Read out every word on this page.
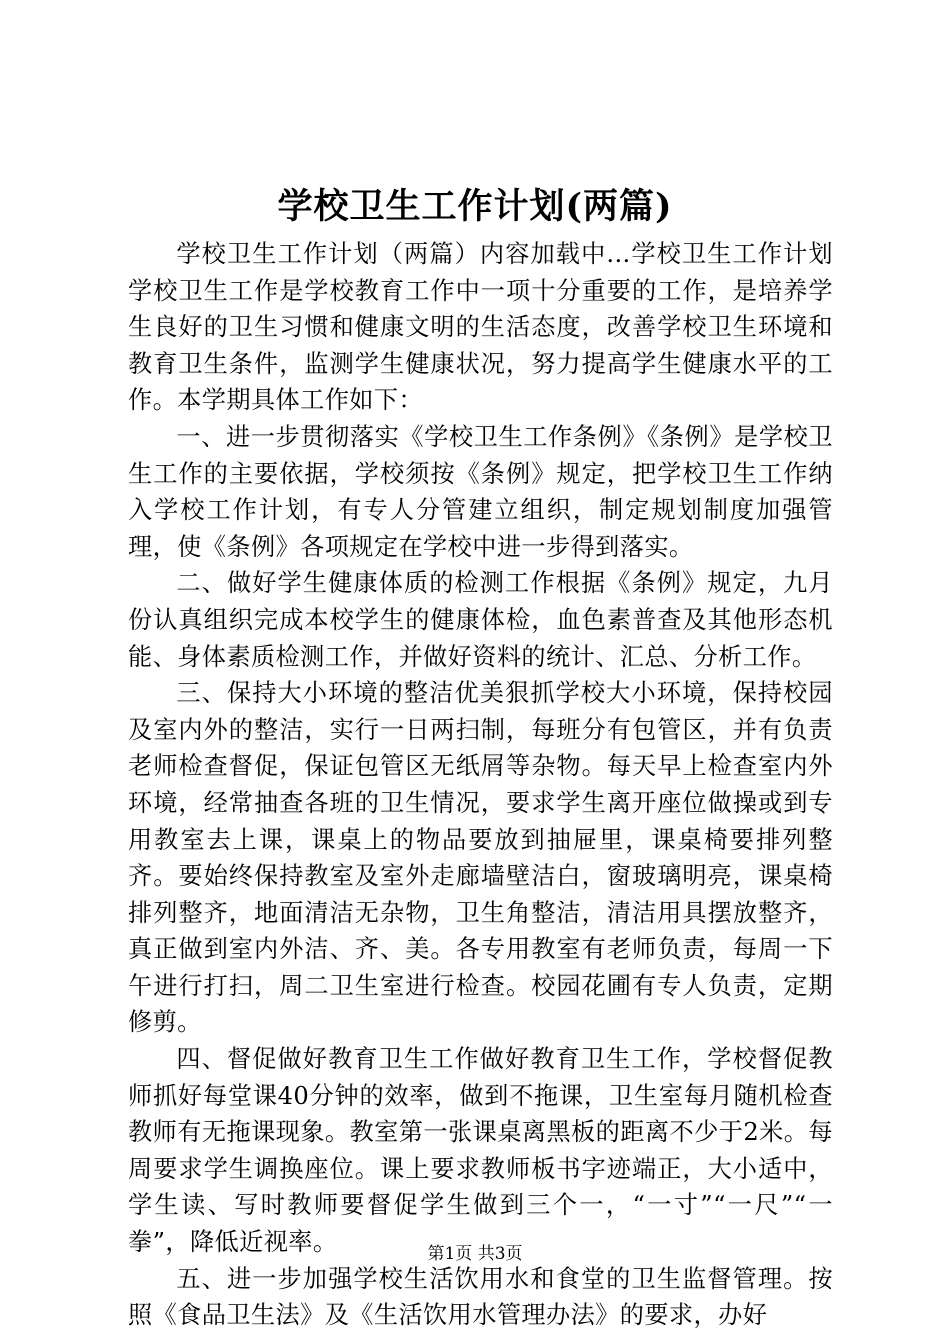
学校卫生工作计划(两篇)

学校卫生工作计划（两篇）内容加载中...学校卫生工作计划学校卫生工作是学校教育工作中一项十分重要的工作，是培养学生良好的卫生习惯和健康文明的生活态度，改善学校卫生环境和教育卫生条件，监测学生健康状况，努力提高学生健康水平的工作。本学期具体工作如下：

一、进一步贯彻落实《学校卫生工作条例》《条例》是学校卫生工作的主要依据，学校须按《条例》规定，把学校卫生工作纳入学校工作计划，有专人分管建立组织，制定规划制度加强管理，使《条例》各项规定在学校中进一步得到落实。

二、做好学生健康体质的检测工作根据《条例》规定，九月份认真组织完成本校学生的健康体检，血色素普查及其他形态机能、身体素质检测工作，并做好资料的统计、汇总、分析工作。

三、保持大小环境的整洁优美狠抓学校大小环境，保持校园及室内外的整洁，实行一日两扫制，每班分有包管区，并有负责老师检查督促，保证包管区无纸屑等杂物。每天早上检查室内外环境，经常抽查各班的卫生情况，要求学生离开座位做操或到专用教室去上课，课桌上的物品要放到抽屉里，课桌椅要排列整齐。要始终保持教室及室外走廊墙壁洁白，窗玻璃明亮，课桌椅排列整齐，地面清洁无杂物，卫生角整洁，清洁用具摆放整齐，真正做到室内外洁、齐、美。各专用教室有老师负责，每周一下午进行打扫，周二卫生室进行检查。校园花圃有专人负责，定期修剪。

四、督促做好教育卫生工作做好教育卫生工作，学校督促教师抓好每堂课40分钟的效率，做到不拖课，卫生室每月随机检查教师有无拖课现象。教室第一张课桌离黑板的距离不少于2米。每周要求学生调换座位。课上要求教师板书字迹端正，大小适中，学生读、写时教师要督促学生做到三个一，“一寸”“一尺”“一拳”，降低近视率。

五、进一步加强学校生活饮用水和食堂的卫生监督管理。按照《食品卫生法》及《生活饮用水管理办法》的要求，办好

第1页 共3页
